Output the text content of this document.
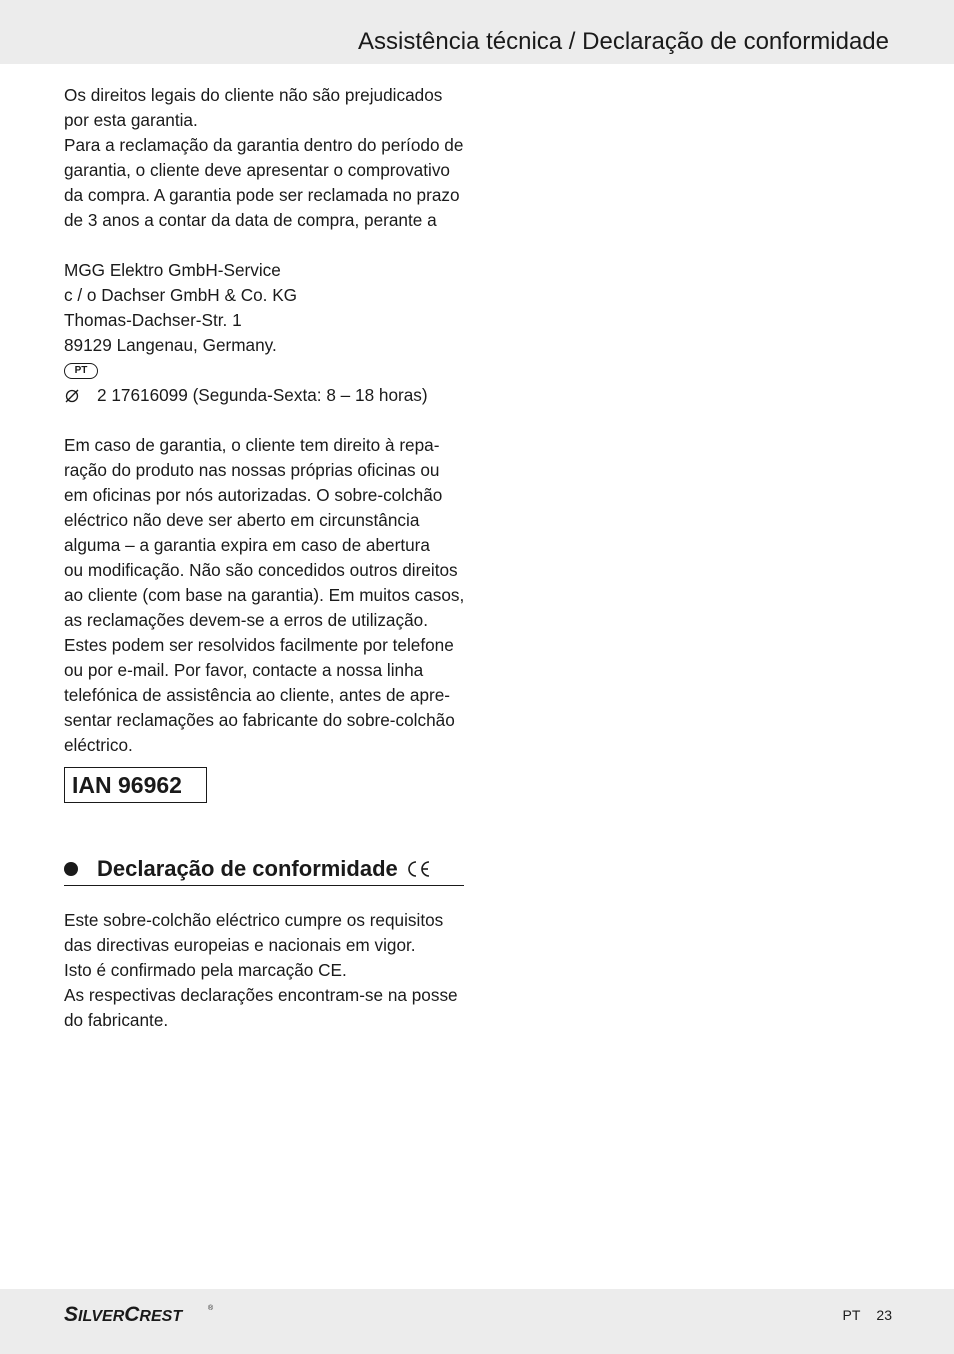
Assistência técnica / Declaração de conformidade

Os direitos legais do cliente não são prejudicados

por esta garantia.

Para a reclamação da garantia dentro do período de

garantia, o cliente deve apresentar o comprovativo

da compra. A garantia pode ser reclamada no prazo

de 3 anos a contar da data de compra, perante a

MGG Elektro GmbH-Service

c / o Dachser GmbH & Co. KG

Thomas-Dachser-Str. 1

89129 Langenau, Germany.

PT

2 17616099 (Segunda-Sexta: 8 – 18 horas)

Em caso de garantia, o cliente tem direito à repa-

ração do produto nas nossas próprias oficinas ou

em oficinas por nós autorizadas. O sobre-colchão

eléctrico não deve ser aberto em circunstância

alguma – a garantia expira em caso de abertura

ou modificação. Não são concedidos outros direitos

ao cliente (com base na garantia). Em muitos casos,

as reclamações devem-se a erros de utilização.

Estes podem ser resolvidos facilmente por telefone

ou por e-mail. Por favor, contacte a nossa linha

telefónica de assistência ao cliente, antes de apre-

sentar reclamações ao fabricante do sobre-colchão

eléctrico.

IAN 96962
Declaração de conformidade

Este sobre-colchão eléctrico cumpre os requisitos

das directivas europeias e nacionais em vigor.

Isto é confirmado pela marcação CE.

As respectivas declarações encontram-se na posse

do fabricante.

SILVERCREST	®	PT 23
